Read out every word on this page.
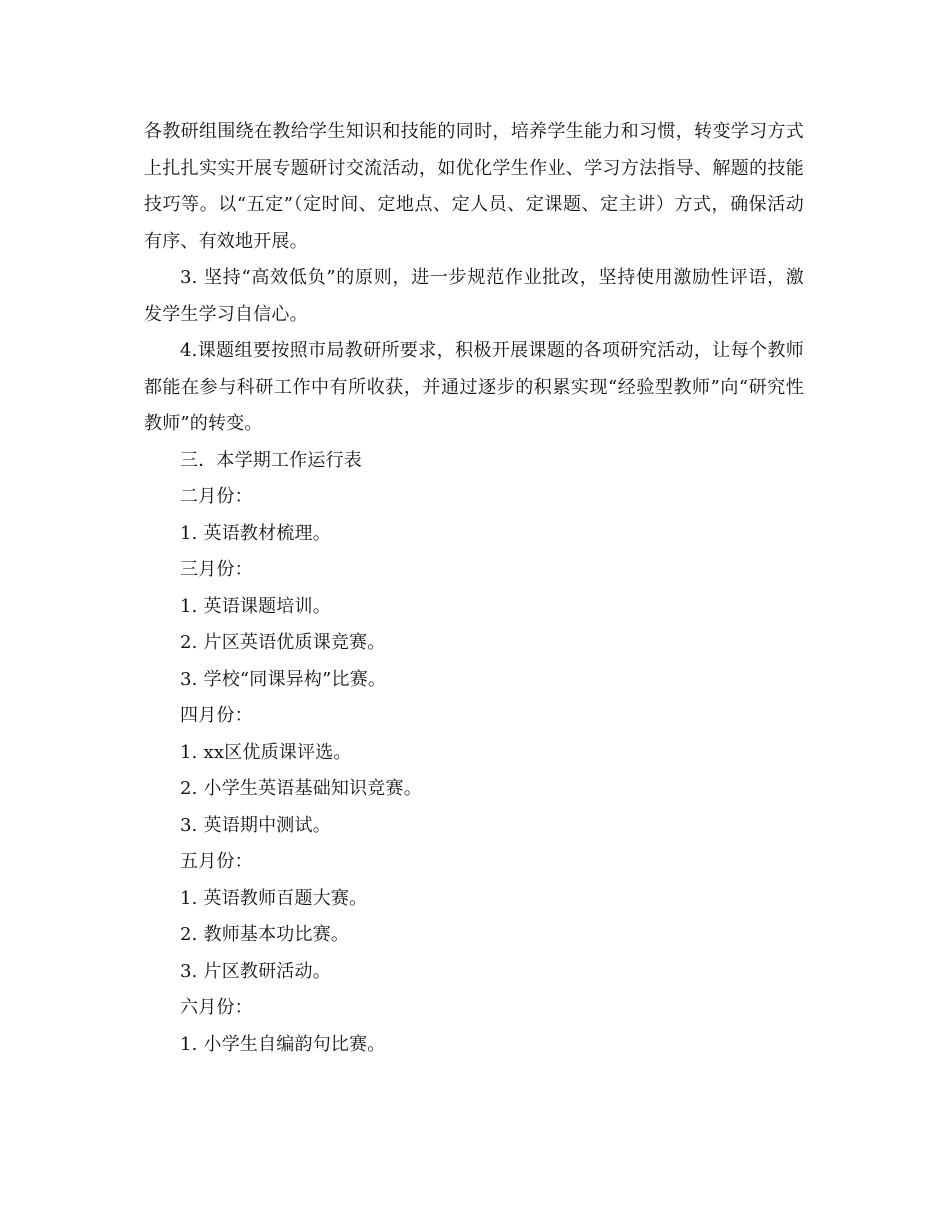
各教研组围绕在教给学生知识和技能的同时，培养学生能力和习惯，转变学习方式上扎扎实实开展专题研讨交流活动，如优化学生作业、学习方法指导、解题的技能技巧等。以“五定”（定时间、定地点、定人员、定课题、定主讲）方式，确保活动有序、有效地开展。

3. 坚持“高效低负”的原则，进一步规范作业批改，坚持使用激励性评语，激发学生学习自信心。

4.课题组要按照市局教研所要求，积极开展课题的各项研究活动，让每个教师都能在参与科研工作中有所收获，并通过逐步的积累实现“经验型教师”向“研究性教师”的转变。

三．本学期工作运行表
二月份：
1. 英语教材梳理。
三月份：
1. 英语课题培训。
2. 片区英语优质课竞赛。
3. 学校“同课异构”比赛。
四月份：
1. xx区优质课评选。
2. 小学生英语基础知识竞赛。
3. 英语期中测试。
五月份：
1. 英语教师百题大赛。
2. 教师基本功比赛。
3. 片区教研活动。
六月份：
1. 小学生自编韵句比赛。
